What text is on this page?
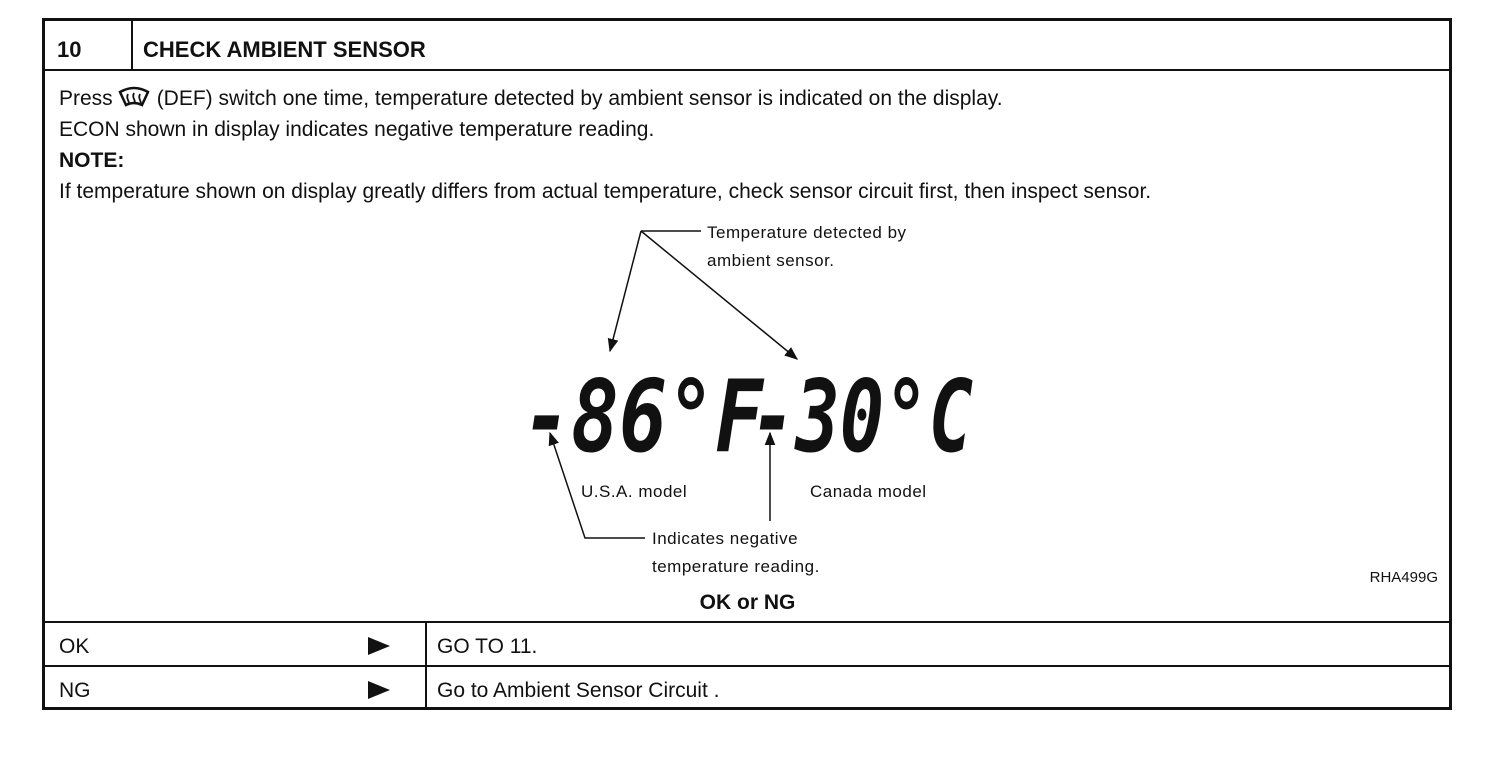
10	CHECK AMBIENT SENSOR
Press (DEF) switch one time, temperature detected by ambient sensor is indicated on the display.
ECON shown in display indicates negative temperature reading.
NOTE:
If temperature shown on display greatly differs from actual temperature, check sensor circuit first, then inspect sensor.
Temperature detected by
ambient sensor.
-86°F
-30°C
U.S.A. model	Canada model
Indicates negative
temperature reading.
RHA499G
OK or NG
OK	GO TO 11.
NG	Go to Ambient Sensor Circuit .
